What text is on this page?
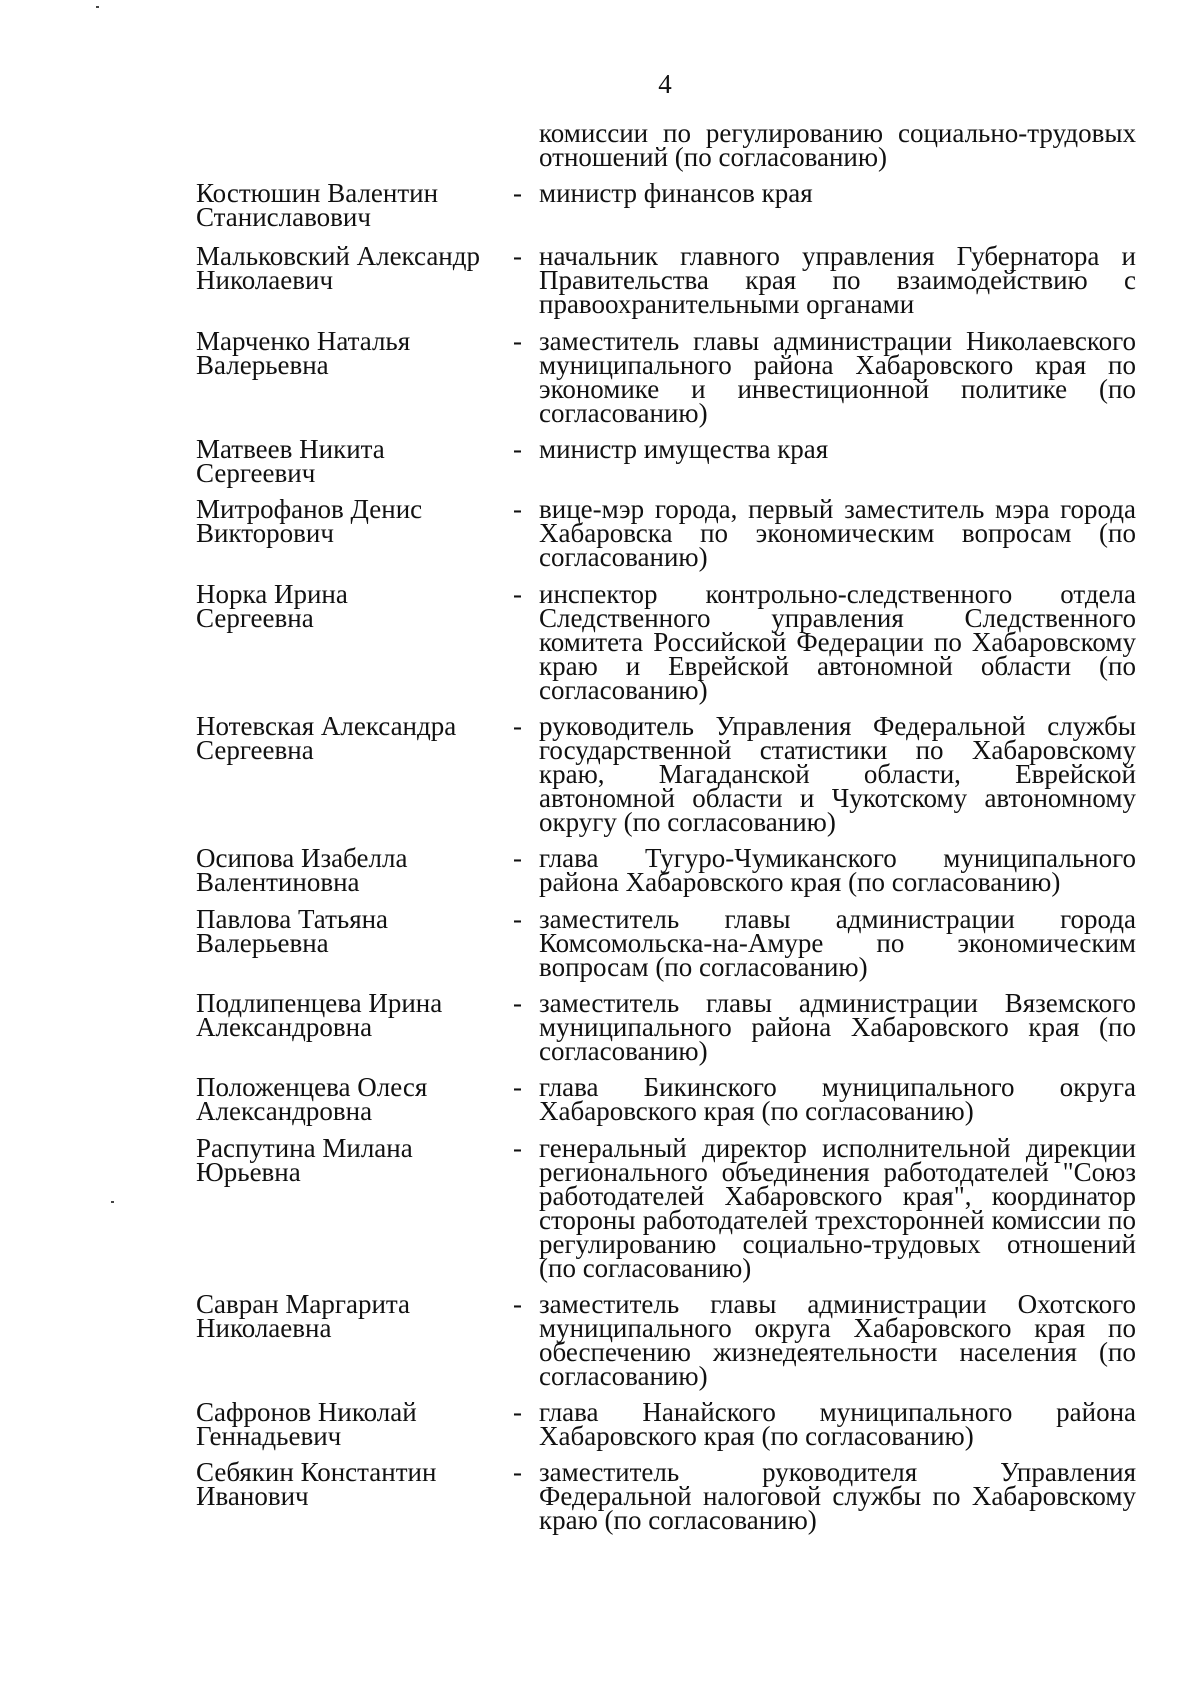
4
комиссии по регулированию социально-трудовых отношений (по согласованию)
Костюшин Валентин
Станиславович
- министр финансов края
Мальковский Александр
Николаевич
- начальник главного управления Губернатора и Правительства края по взаимодействию с правоохранительными органами
Марченко Наталья
Валерьевна
- заместитель главы администрации Николаевского муниципального района Хабаровского края по экономике и инвестиционной политике (по согласованию)
Матвеев Никита
Сергеевич
- министр имущества края
Митрофанов Денис
Викторович
- вице-мэр города, первый заместитель мэра города Хабаровска по экономическим вопросам (по согласованию)
Норка Ирина
Сергеевна
- инспектор контрольно-следственного отдела Следственного управления Следственного комитета Российской Федерации по Хабаровскому краю и Еврейской автономной области (по согласованию)
Нотевская Александра
Сергеевна
- руководитель Управления Федеральной службы государственной статистики по Хабаровскому краю, Магаданской области, Еврейской автономной области и Чукотскому автономному округу (по согласованию)
Осипова Изабелла
Валентиновна
- глава Тугуро-Чумиканского муниципального района Хабаровского края (по согласованию)
Павлова Татьяна
Валерьевна
- заместитель главы администрации города Комсомольска-на-Амуре по экономическим вопросам (по согласованию)
Подлипенцева Ирина
Александровна
- заместитель главы администрации Вяземского муниципального района Хабаровского края (по согласованию)
Положенцева Олеся
Александровна
- глава Бикинского муниципального округа Хабаровского края (по согласованию)
Распутина Милана
Юрьевна
- генеральный директор исполнительной дирекции регионального объединения работодателей "Союз работодателей Хабаровского края", координатор стороны работодателей трехсторонней комиссии по регулированию социально-трудовых отношений (по согласованию)
Савран Маргарита
Николаевна
- заместитель главы администрации Охотского муниципального округа Хабаровского края по обеспечению жизнедеятельности населения (по согласованию)
Сафронов Николай
Геннадьевич
- глава Нанайского муниципального района Хабаровского края (по согласованию)
Себякин Константин
Иванович
- заместитель руководителя Управления Федеральной налоговой службы по Хабаровскому краю (по согласованию)
